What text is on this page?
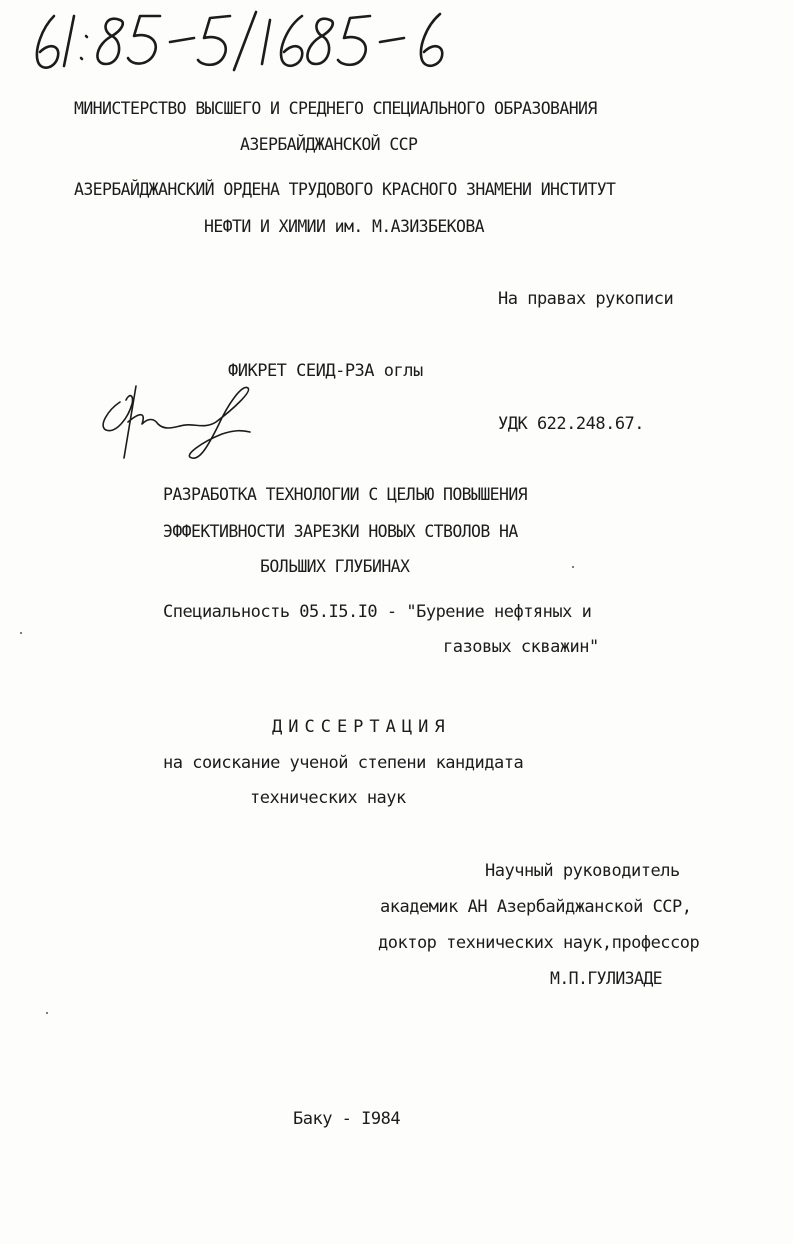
МИНИСТЕРСТВО ВЫСШЕГО И СРЕДНЕГО СПЕЦИАЛЬНОГО ОБРАЗОВАНИЯ
АЗЕРБАЙДЖАНСКОЙ ССР
АЗЕРБАЙДЖАНСКИЙ ОРДЕНА ТРУДОВОГО КРАСНОГО ЗНАМЕНИ ИНСТИТУТ
НЕФТИ И ХИМИИ им. М.АЗИЗБЕКОВА
На правах рукописи
ФИКРЕТ СЕИД-РЗА оглы
УДК 622.248.67.
РАЗРАБОТКА ТЕХНОЛОГИИ С ЦЕЛЬЮ ПОВЫШЕНИЯ
ЭФФЕКТИВНОСТИ ЗАРЕЗКИ НОВЫХ СТВОЛОВ НА
БОЛЬШИХ ГЛУБИНАХ
Специальность 05.I5.I0 - "Бурение нефтяных и
газовых скважин"
ДИССЕРТАЦИЯ
на соискание ученой степени кандидата
технических наук
Научный руководитель
академик АН Азербайджанской ССР,
доктор технических наук,профессор
М.П.ГУЛИЗАДЕ
Баку - I984
